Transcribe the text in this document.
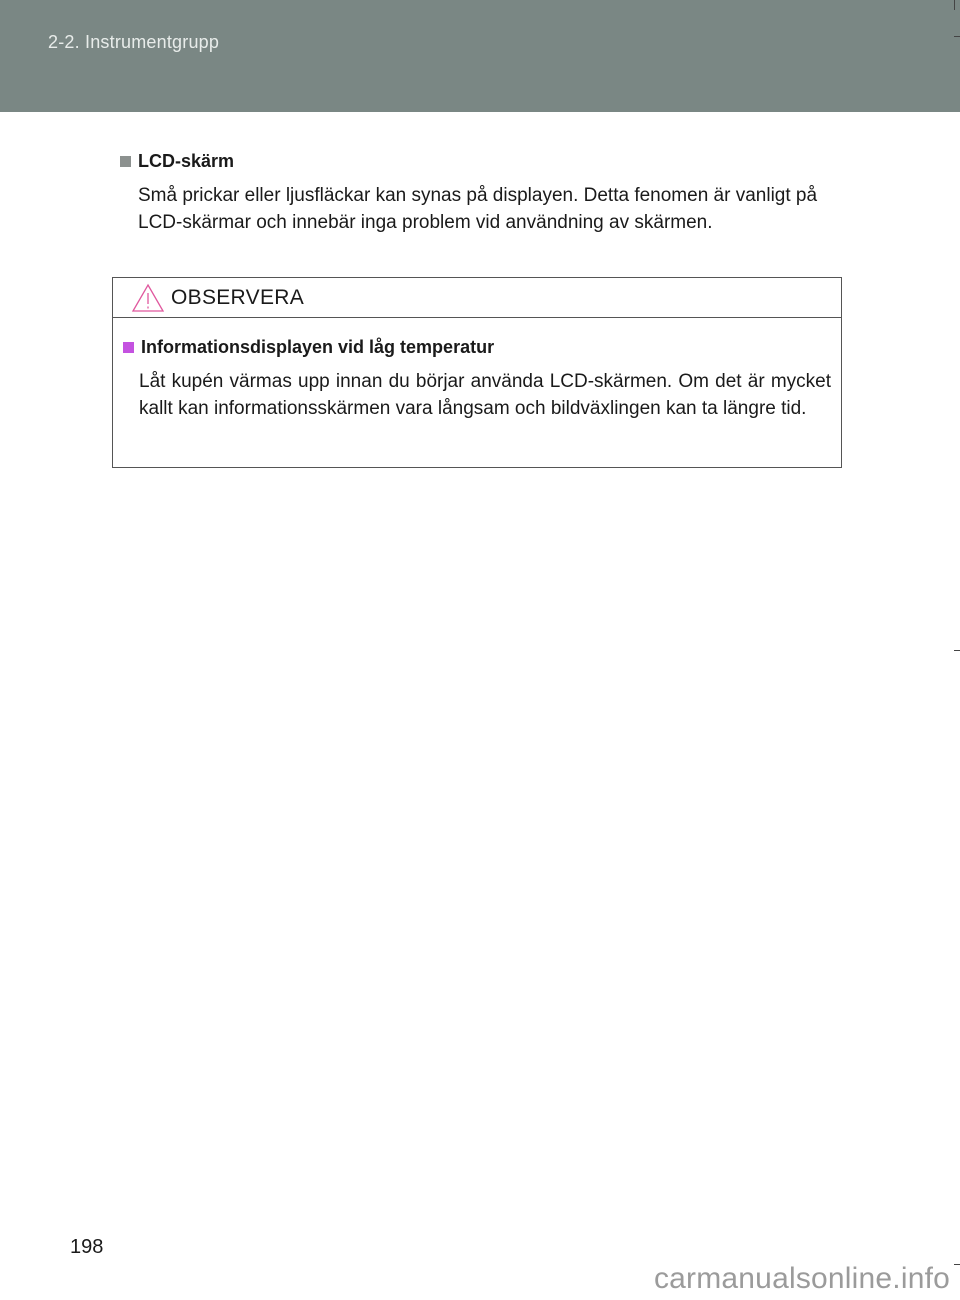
2-2. Instrumentgrupp
LCD-skärm
Små prickar eller ljusfläckar kan synas på displayen. Detta fenomen är vanligt på LCD-skärmar och innebär inga problem vid användning av skärmen.
OBSERVERA
Informationsdisplayen vid låg temperatur
Låt kupén värmas upp innan du börjar använda LCD-skärmen. Om det är mycket kallt kan informationsskärmen vara långsam och bildväxlingen kan ta längre tid.
198
carmanualsonline.info
